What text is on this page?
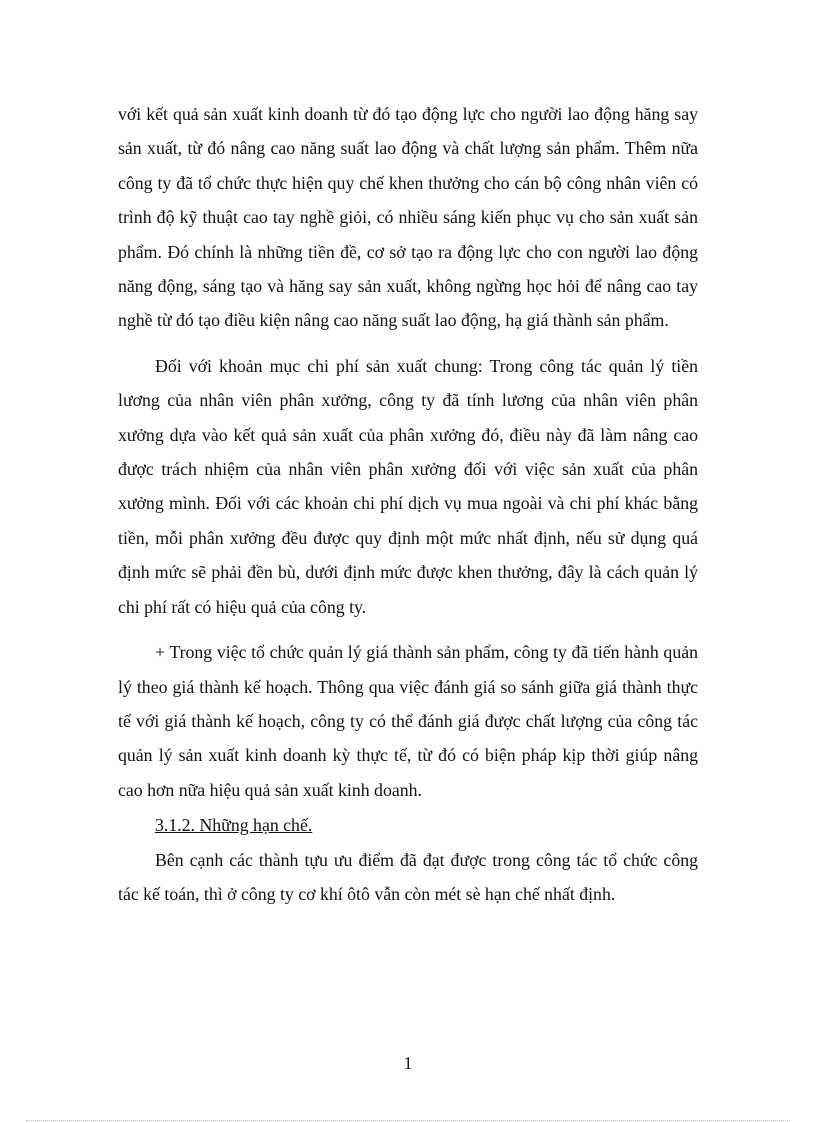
với kết quả sản xuất kinh doanh từ đó tạo động lực cho người lao động hăng say sản xuất, từ đó nâng cao năng suất lao động và chất lượng sản phẩm. Thêm nữa công ty đã tổ chức thực hiện quy chế khen thưởng cho cán bộ công nhân viên có trình độ kỹ thuật cao tay nghề giỏi, có nhiều sáng kiến phục vụ cho sản xuất sản phẩm. Đó chính là những tiền đề, cơ sở tạo ra động lực cho con người lao động năng động, sáng tạo và hăng say sản xuất, không ngừng học hỏi để nâng cao tay nghề từ đó tạo điều kiện nâng cao năng suất lao động, hạ giá thành sản phẩm.

Đối với khoản mục chi phí sản xuất chung: Trong công tác quản lý tiền lương của nhân viên phân xưởng, công ty đã tính lương của nhân viên phân xưởng dựa vào kết quả sản xuất của phân xưởng đó, điều này đã làm nâng cao được trách nhiệm của nhân viên phân xưởng đối với việc sản xuất của phân xưởng mình. Đối với các khoản chi phí dịch vụ mua ngoài và chi phí khác bằng tiền, mỗi phân xưởng đều được quy định một mức nhất định, nếu sử dụng quá định mức sẽ phải đền bù, dưới định mức được khen thưởng, đây là cách quản lý chi phí rất có hiệu quả của công ty.

+ Trong việc tổ chức quản lý giá thành sản phẩm, công ty đã tiến hành quản lý theo giá thành kế hoạch. Thông qua việc đánh giá so sánh giữa giá thành thực tế với giá thành kế hoạch, công ty có thể đánh giá được chất lượng của công tác quản lý sản xuất kinh doanh kỳ thực tế, từ đó có biện pháp kịp thời giúp nâng cao hơn nữa hiệu quả sản xuất kinh doanh.

3.1.2. Những hạn chế.

Bên cạnh các thành tựu ưu điểm đã đạt được trong công tác tổ chức công tác kế toán, thì ở công ty cơ khí ôtô vẫn còn mét sè hạn chế nhất định.

1
